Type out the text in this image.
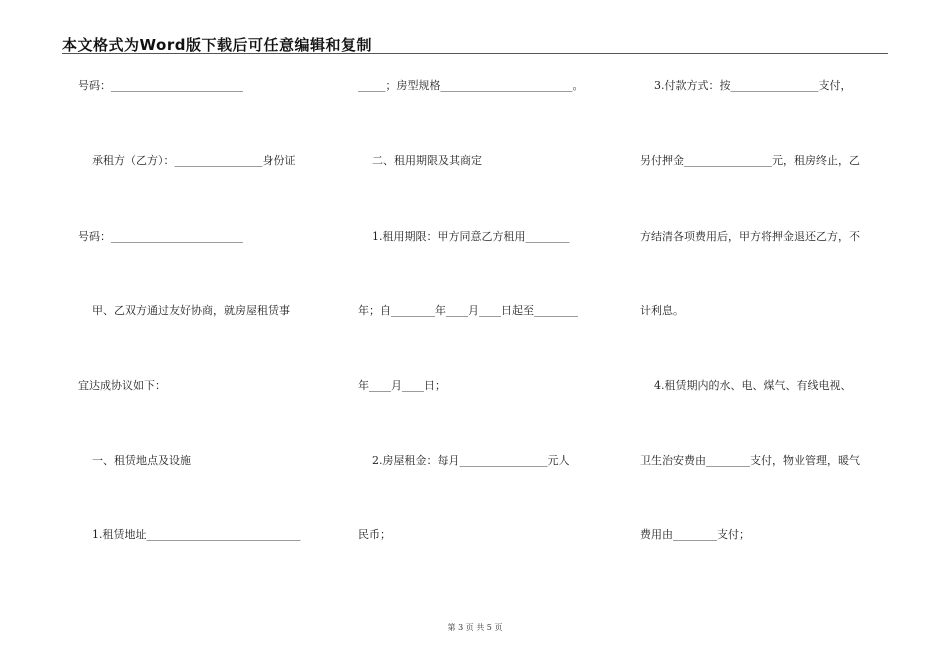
本文格式为Word版下载后可任意编辑和复制
号码：________________________
承租方（乙方）：________________身份证
号码：________________________
甲、乙双方通过友好协商，就房屋租赁事
宜达成协议如下：
一、租赁地点及设施
1.租赁地址____________________________
_____；房型规格________________________。
二、租用期限及其商定
1.租用期限：甲方同意乙方租用________
年；自________年____月____日起至________
年____月____日；
2.房屋租金：每月________________元人
民币；
3.付款方式：按________________支付，
另付押金________________元，租房终止，乙
方结清各项费用后，甲方将押金退还乙方，不
计利息。
4.租赁期内的水、电、煤气、有线电视、
卫生治安费由________支付，物业管理，暖气
费用由________支付；
第 3 页 共 5 页
